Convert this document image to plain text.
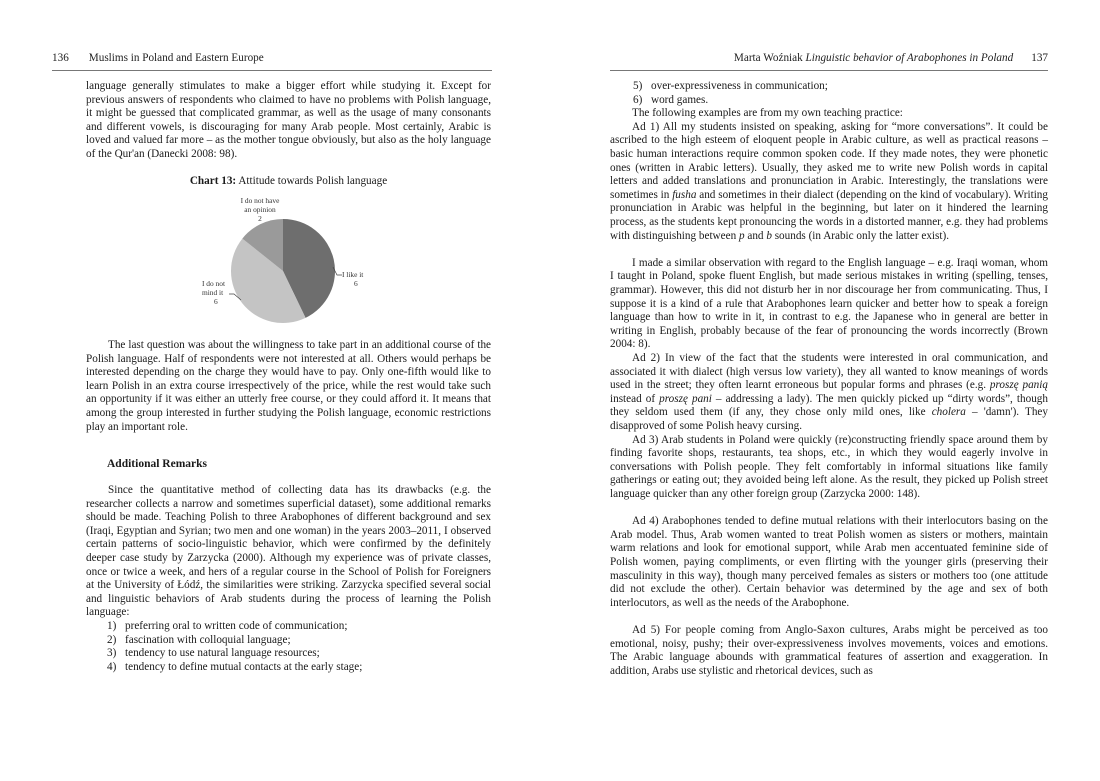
136 Muslims in Poland and Eastern Europe

language generally stimulates to make a bigger effort while studying it. Except for previous answers of respondents who claimed to have no problems with Polish language, it might be guessed that complicated grammar, as well as the usage of many consonants and different vowels, is discouraging for many Arab people. Most certainly, Arabic is loved and valued far more – as the mother tongue obviously, but also as the holy language of the Qur'an (Danecki 2008: 98).

Chart 13: Attitude towards Polish language
I like it 6
I do not mind it 6
I do not have an opinion 2

The last question was about the willingness to take part in an additional course of the Polish language. Half of respondents were not interested at all. Others would perhaps be interested depending on the charge they would have to pay. Only one-fifth would like to learn Polish in an extra course irrespectively of the price, while the rest would take such an opportunity if it was either an utterly free course, or they could afford it. It means that among the group interested in further studying the Polish language, economic restrictions play an important role.

Additional Remarks

Since the quantitative method of collecting data has its drawbacks (e.g. the researcher collects a narrow and sometimes superficial dataset), some additional remarks should be made. Teaching Polish to three Arabophones of different background and sex (Iraqi, Egyptian and Syrian; two men and one woman) in the years 2003–2011, I observed certain patterns of socio-linguistic behavior, which were confirmed by the definitely deeper case study by Zarzycka (2000). Although my experience was of private classes, once or twice a week, and hers of a regular course in the School of Polish for Foreigners at the University of Łódź, the similarities were striking. Zarzycka specified several social and linguistic behaviors of Arab students during the process of learning the Polish language:

1) preferring oral to written code of communication;
2) fascination with colloquial language;
3) tendency to use natural language resources;
4) tendency to define mutual contacts at the early stage;
Marta Woźniak
Linguistic behavior of Arabophones in Poland 137
5) over-expressiveness in communication;
6) word games.

The following examples are from my own teaching practice:

Ad 1) All my students insisted on speaking, asking for “more conversations”. It could be ascribed to the high esteem of eloquent people in Arabic culture, as well as practical reasons – basic human interactions require common spoken code. If they made notes, they were phonetic ones (written in Arabic letters). Usually, they asked me to write new Polish words in capital letters and added translations and pronunciation in Arabic. Interestingly, the translations were sometimes in fusha and sometimes in their dialect (depending on the kind of vocabulary). Writing pronunciation in Arabic was helpful in the beginning, but later on it hindered the learning process, as the students kept pronouncing the words in a distorted manner, e.g. they had problems with distinguishing between p and b sounds (in Arabic only the latter exist).

I made a similar observation with regard to the English language – e.g. Iraqi woman, whom I taught in Poland, spoke fluent English, but made serious mistakes in writing (spelling, tenses, grammar). However, this did not disturb her in nor discourage her from communicating. Thus, I suppose it is a kind of a rule that Arabophones learn quicker and better how to speak a foreign language than how to write in it, in contrast to e.g. the Japanese who in general are better in writing in English, probably because of the fear of pronouncing the words incorrectly (Brown 2004: 8).

Ad 2) In view of the fact that the students were interested in oral communication, and associated it with dialect (high versus low variety), they all wanted to know meanings of words used in the street; they often learnt erroneous but popular forms and phrases (e.g. proszę panią instead of proszę pani – addressing a lady). The men quickly picked up “dirty words”, though they seldom used them (if any, they chose only mild ones, like cholera – 'damn'). They disapproved of some Polish heavy cursing.

Ad 3) Arab students in Poland were quickly (re)constructing friendly space around them by finding favorite shops, restaurants, tea shops, etc., in which they would eagerly involve in conversations with Polish people. They felt comfortably in informal situations like family gatherings or eating out; they avoided being left alone. As the result, they picked up Polish street language quicker than any other foreign group (Zarzycka 2000: 148).

Ad 4) Arabophones tended to define mutual relations with their interlocutors basing on the Arab model. Thus, Arab women wanted to treat Polish women as sisters or mothers, maintain warm relations and look for emotional support, while Arab men accentuated feminine side of Polish women, paying compliments, or even flirting with the younger girls (preserving their masculinity in this way), though many perceived females as sisters or mothers too (one attitude did not exclude the other). Certain behavior was determined by the age and sex of both interlocutors, as well as the needs of the Arabophone.

Ad 5) For people coming from Anglo-Saxon cultures, Arabs might be perceived as too emotional, noisy, pushy; their over-expressiveness involves movements, voices and emotions. The Arabic language abounds with grammatical features of assertion and exaggeration. In addition, Arabs use stylistic and rhetorical devices, such as
